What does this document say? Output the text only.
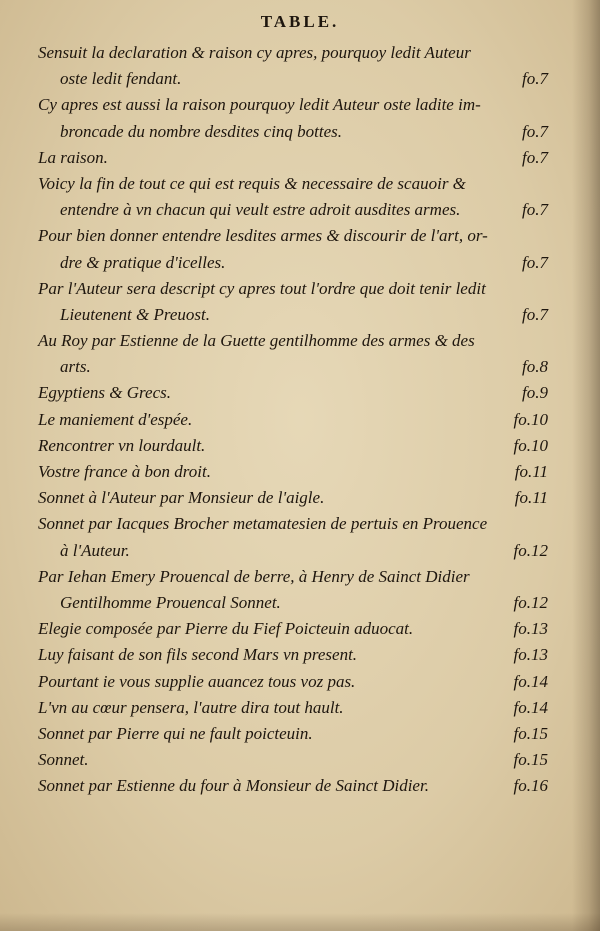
TABLE.
Sensuit la declaration & raison cy apres, pourquoy ledit Auteur
oste ledit fendant.	fo.7
Cy apres est aussi la raison pourquoy ledit Auteur oste ladite im-
broncade du nombre desdites cinq bottes.	fo.7
La raison.	fo.7
Voicy la fin de tout ce qui est requis & necessaire de scauoir &
entendre à vn chacun qui veult estre adroit ausdites armes.	fo.7
Pour bien donner entendre lesdites armes & discourir de l'art, or-
dre & pratique d'icelles.	fo.7
Par l'Auteur sera descript cy apres tout l'ordre que doit tenir ledit
Lieutenent & Preuost.	fo.7
Au Roy par Estienne de la Guette gentilhomme des armes & des
arts.	fo.8
Egyptiens & Grecs.	fo.9
Le maniement d'espée.	fo.10
Rencontrer vn lourdault.	fo.10
Vostre france à bon droit.	fo.11
Sonnet à l'Auteur par Monsieur de l'aigle.	fo.11
Sonnet par Iacques Brocher metamatesien de pertuis en Prouence
à l'Auteur.	fo.12
Par Iehan Emery Prouencal de berre, à Henry de Sainct Didier
Gentilhomme Prouencal Sonnet.	fo.12
Elegie composée par Pierre du Fief Poicteuin aduocat.	fo.13
Luy faisant de son fils second Mars vn present.	fo.13
Pourtant ie vous supplie auancez tous voz pas.	fo.14
L'vn au cœur pensera, l'autre dira tout hault.	fo.14
Sonnet par Pierre qui ne fault poicteuin.	fo.15
Sonnet.	fo.15
Sonnet par Estienne du four à Monsieur de Sainct Didier.	fo.16
